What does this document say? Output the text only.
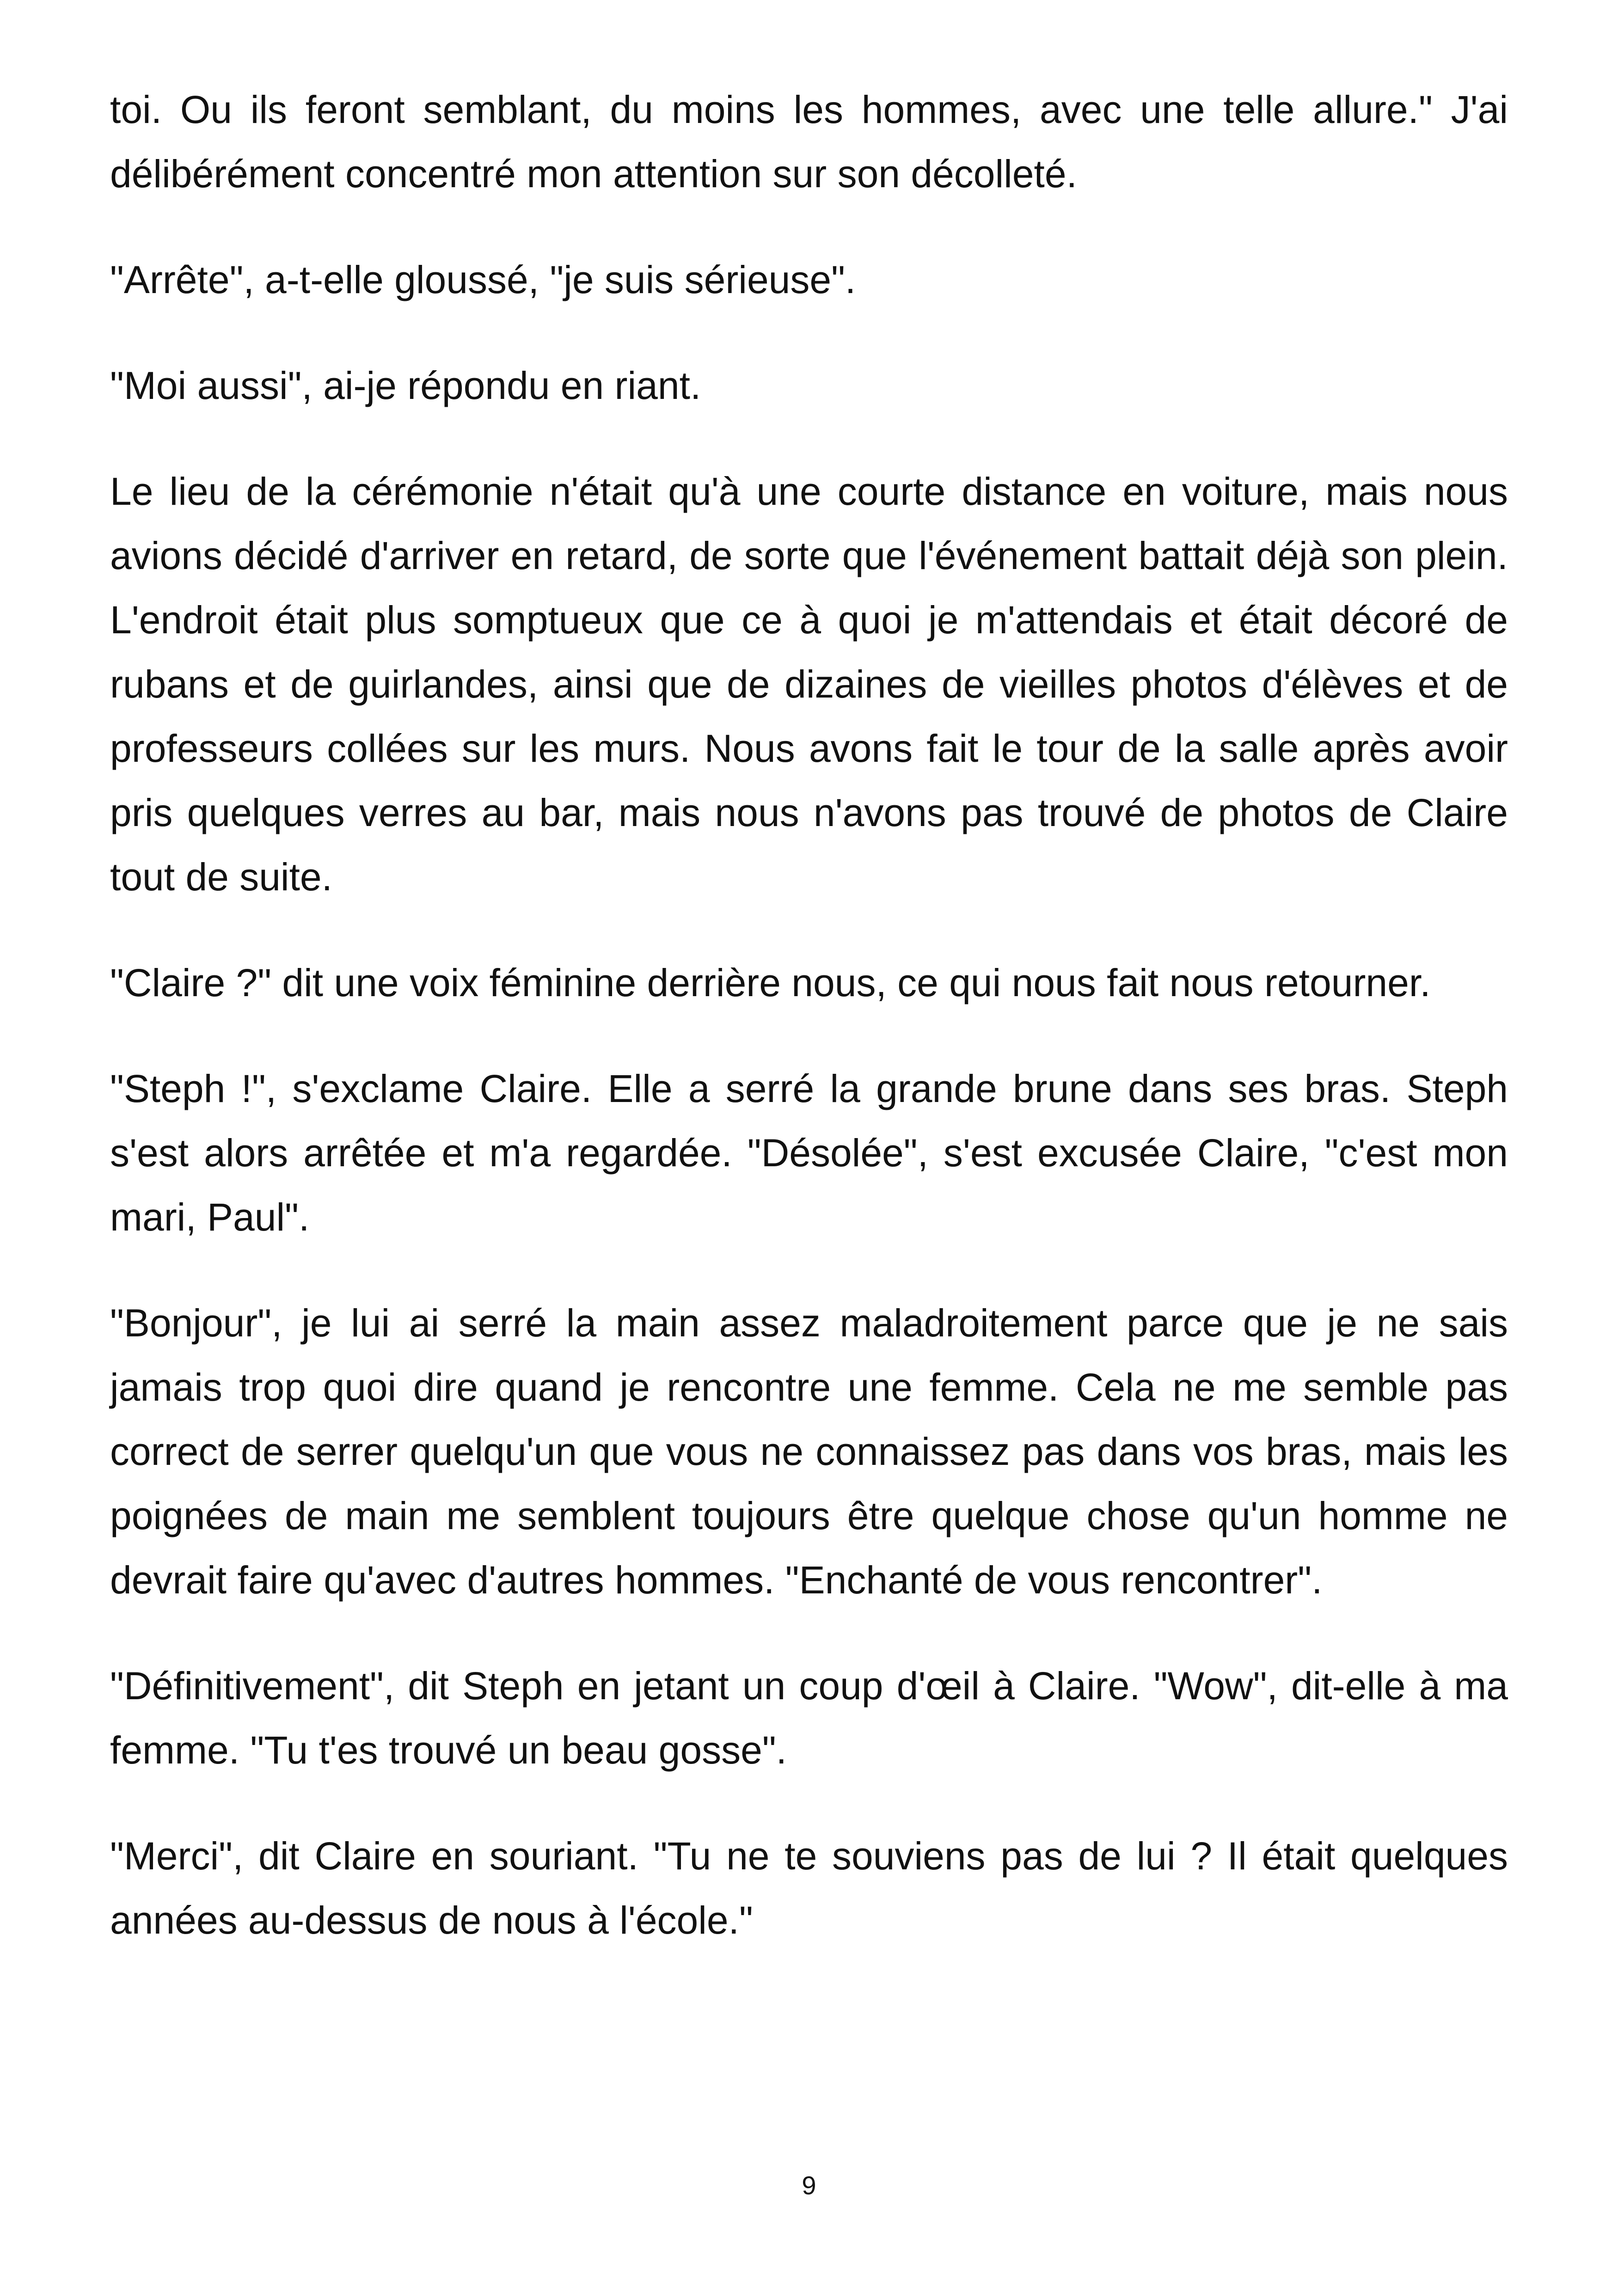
toi. Ou ils feront semblant, du moins les hommes, avec une telle allure." J'ai délibérément concentré mon attention sur son décolleté.

"Arrête", a-t-elle gloussé, "je suis sérieuse".

"Moi aussi", ai-je répondu en riant.

Le lieu de la cérémonie n'était qu'à une courte distance en voiture, mais nous avions décidé d'arriver en retard, de sorte que l'événement battait déjà son plein. L'endroit était plus somptueux que ce à quoi je m'attendais et était décoré de rubans et de guirlandes, ainsi que de dizaines de vieilles photos d'élèves et de professeurs collées sur les murs. Nous avons fait le tour de la salle après avoir pris quelques verres au bar, mais nous n'avons pas trouvé de photos de Claire tout de suite.

"Claire ?" dit une voix féminine derrière nous, ce qui nous fait nous retourner.

"Steph !", s'exclame Claire. Elle a serré la grande brune dans ses bras. Steph s'est alors arrêtée et m'a regardée. "Désolée", s'est excusée Claire, "c'est mon mari, Paul".

"Bonjour", je lui ai serré la main assez maladroitement parce que je ne sais jamais trop quoi dire quand je rencontre une femme. Cela ne me semble pas correct de serrer quelqu'un que vous ne connaissez pas dans vos bras, mais les poignées de main me semblent toujours être quelque chose qu'un homme ne devrait faire qu'avec d'autres hommes. "Enchanté de vous rencontrer".

"Définitivement", dit Steph en jetant un coup d'œil à Claire. "Wow", dit-elle à ma femme. "Tu t'es trouvé un beau gosse".

"Merci", dit Claire en souriant. "Tu ne te souviens pas de lui ? Il était quelques années au-dessus de nous à l'école."

9
